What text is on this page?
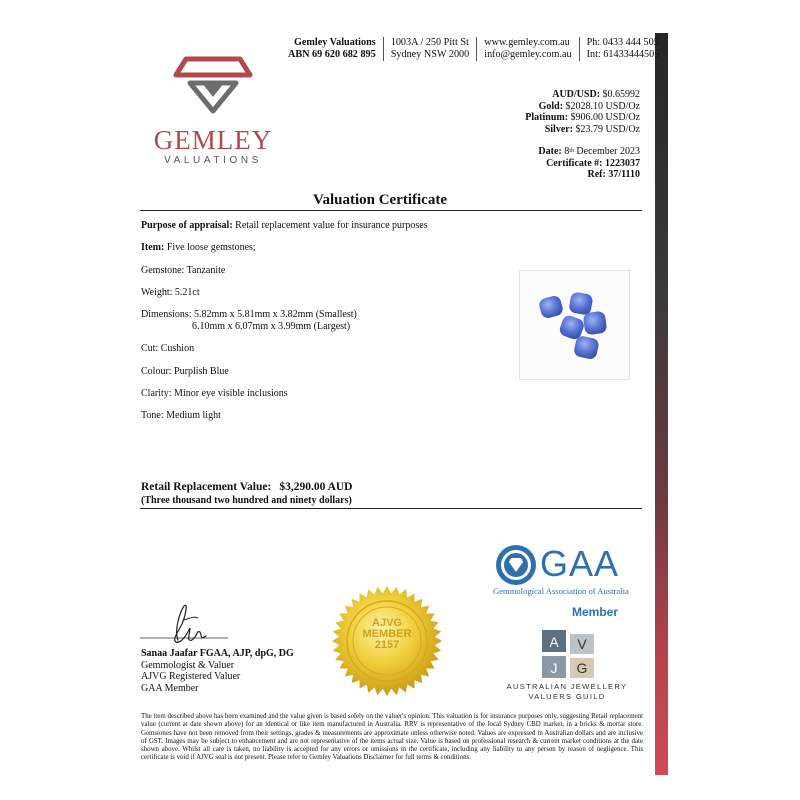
Gemley Valuations
ABN 69 620 682 895
1003A / 250 Pitt St
Sydney NSW 2000
www.gemley.com.au
info@gemley.com.au
Ph: 0433 444 505
Int: 61433444505
GEMLEY
VALUATIONS
AUD/USD: $0.65992
Gold: $2028.10 USD/Oz
Platinum: $906.00 USD/Oz
Silver: $23.79 USD/Oz
Date: 8th December 2023
Certificate #: 1223037
Ref: 37/1110
Valuation Certificate
Purpose of appraisal: Retail replacement value for insurance purposes
Item: Five loose gemstones;
Gemstone: Tanzanite
Weight: 5.21ct
Dimensions: 5.82mm x 5.81mm x 3.82mm (Smallest)
6.10mm x 6.07mm x 3.99mm (Largest)
Cut: Cushion
Colour: Purplish Blue
Clarity: Minor eye visible inclusions
Tone: Medium light
Retail Replacement Value: $3,290.00 AUD
(Three thousand two hundred and ninety dollars)
GAA
Gemmological Association of Australia
Member
A V
J G
AUSTRALIAN JEWELLERY
VALUERS GUILD
AJVG
MEMBER
2157
Sanaa Jaafar FGAA, AJP, dpG, DG
Gemmologist & Valuer
AJVG Registered Valuer
GAA Member
The item described above has been examined and the value given is based solely on the valuer's opinion. This valuation is for insurance purposes only, suggesting Retail replacement value (current at date shown above) for an identical or like item manufactured in Australia. RRV is representative of the local Sydney CBD market, in a bricks & mortar store. Gemstones have not been removed from their settings, grades & measurements are approximate unless otherwise noted. Values are expressed in Australian dollars and are inclusive of GST. Images may be subject to enhancement and are not representative of the items actual size. Value is based on professional research & current market conditions at the date shown above. Whilst all care is taken, no liability is accepted for any errors or omissions in the certificate, including any liability to any person by reason of negligence. This certificate is void if AJVG seal is not present. Please refer to Gemley Valuations Disclaimer for full terms & conditions.
